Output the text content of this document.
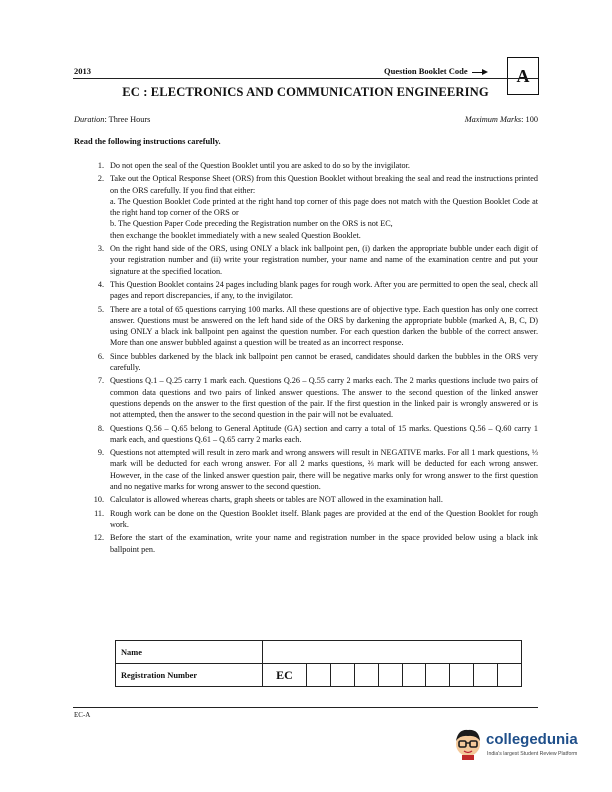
2013	Question Booklet Code	A
EC : ELECTRONICS AND COMMUNICATION ENGINEERING
Duration: Three Hours	Maximum Marks: 100
Read the following instructions carefully.
1. Do not open the seal of the Question Booklet until you are asked to do so by the invigilator.
2. Take out the Optical Response Sheet (ORS) from this Question Booklet without breaking the seal and read the instructions printed on the ORS carefully. If you find that either:
a. The Question Booklet Code printed at the right hand top corner of this page does not match with the Question Booklet Code at the right hand top corner of the ORS or
b. The Question Paper Code preceding the Registration number on the ORS is not EC,
then exchange the booklet immediately with a new sealed Question Booklet.
3. On the right hand side of the ORS, using ONLY a black ink ballpoint pen, (i) darken the appropriate bubble under each digit of your registration number and (ii) write your registration number, your name and name of the examination centre and put your signature at the specified location.
4. This Question Booklet contains 24 pages including blank pages for rough work. After you are permitted to open the seal, check all pages and report discrepancies, if any, to the invigilator.
5. There are a total of 65 questions carrying 100 marks. All these questions are of objective type. Each question has only one correct answer. Questions must be answered on the left hand side of the ORS by darkening the appropriate bubble (marked A, B, C, D) using ONLY a black ink ballpoint pen against the question number. For each question darken the bubble of the correct answer. More than one answer bubbled against a question will be treated as an incorrect response.
6. Since bubbles darkened by the black ink ballpoint pen cannot be erased, candidates should darken the bubbles in the ORS very carefully.
7. Questions Q.1 – Q.25 carry 1 mark each. Questions Q.26 – Q.55 carry 2 marks each. The 2 marks questions include two pairs of common data questions and two pairs of linked answer questions. The answer to the second question of the linked answer questions depends on the answer to the first question of the pair. If the first question in the linked pair is wrongly answered or is not attempted, then the answer to the second question in the pair will not be evaluated.
8. Questions Q.56 – Q.65 belong to General Aptitude (GA) section and carry a total of 15 marks. Questions Q.56 – Q.60 carry 1 mark each, and questions Q.61 – Q.65 carry 2 marks each.
9. Questions not attempted will result in zero mark and wrong answers will result in NEGATIVE marks. For all 1 mark questions, ⅓ mark will be deducted for each wrong answer. For all 2 marks questions, ⅔ mark will be deducted for each wrong answer. However, in the case of the linked answer question pair, there will be negative marks only for wrong answer to the first question and no negative marks for wrong answer to the second question.
10. Calculator is allowed whereas charts, graph sheets or tables are NOT allowed in the examination hall.
11. Rough work can be done on the Question Booklet itself. Blank pages are provided at the end of the Question Booklet for rough work.
12. Before the start of the examination, write your name and registration number in the space provided below using a black ink ballpoint pen.
Name										
Registration Number	EC									
EC-A
collegedunia
India's largest Student Review Platform
